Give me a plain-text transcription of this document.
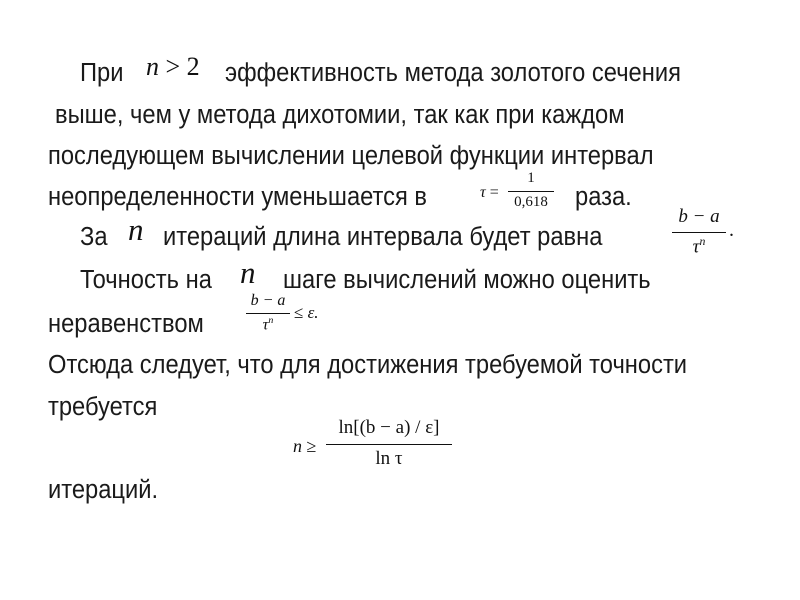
При n > 2 эффективность метода золотого сечения
выше, чем у метода дихотомии, так как при каждом
последующем вычислении целевой функции интервал
неопределенности уменьшается в	τ =
1
0,618 раза.
За n итераций длина интервала будет равна
b − a
$\tau^n$
.
Точность на n шаге вычислений можно оценить
неравенством
b − a
$\tau^n$	≤ ε.
Отсюда следует, что для достижения требуемой точности
требуется
n ≥
ln[(b − a) / ε]
ln τ
итераций.
